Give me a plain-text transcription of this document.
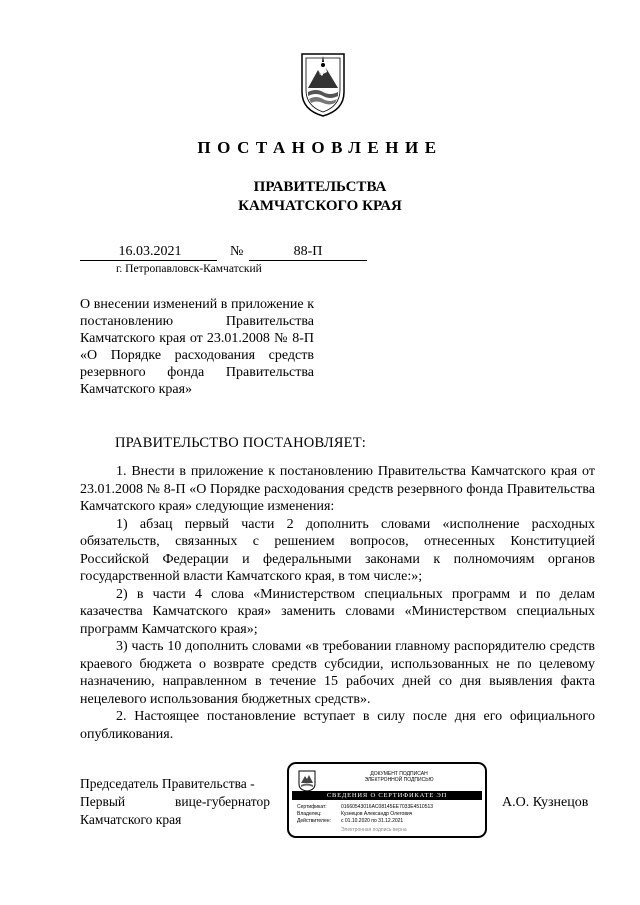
ПОСТАНОВЛЕНИЕ
ПРАВИТЕЛЬСТВА
КАМЧАТСКОГО КРАЯ
16.03.2021	№	88-П
г. Петропавловск-Камчатский
О внесении изменений в приложение к постановлению Правительства Камчатского края от 23.01.2008 № 8-П «О Порядке расходования средств резервного фонда Правительства Камчатского края»
ПРАВИТЕЛЬСТВО ПОСТАНОВЛЯЕТ:

1. Внести в приложение к постановлению Правительства Камчатского края от 23.01.2008 № 8-П «О Порядке расходования средств резервного фонда Правительства Камчатского края» следующие изменения:

1) абзац первый части 2 дополнить словами «исполнение расходных обязательств, связанных с решением вопросов, отнесенных Конституцией Российской Федерации и федеральными законами к полномочиям органов государственной власти Камчатского края, в том числе:»;

2) в части 4 слова «Министерством специальных программ и по делам казачества Камчатского края» заменить словами «Министерством специальных программ Камчатского края»;

3) часть 10 дополнить словами «в требовании главному распорядителю средств краевого бюджета о возврате средств субсидии, использованных не по целевому назначению, направленном в течение 15 рабочих дней со дня выявления факта нецелевого использования бюджетных средств».

2. Настоящее постановление вступает в силу после дня его официального опубликования.

Председатель Правительства -
Первый	вице-губернатор
Камчатского края
ДОКУМЕНТ ПОДПИСАН
ЭЛЕКТРОННОЙ ПОДПИСЬЮ
СВЕДЕНИЯ О СЕРТИФИКАТЕ ЭП
Сертификат:	01660543016AC08145EE7033E4510513
Владелец:	Кузнецов Александр Олегович
Действителен:	с 01.10.2020 по 31.12.2021
Электронная подпись верна
А.О. Кузнецов
